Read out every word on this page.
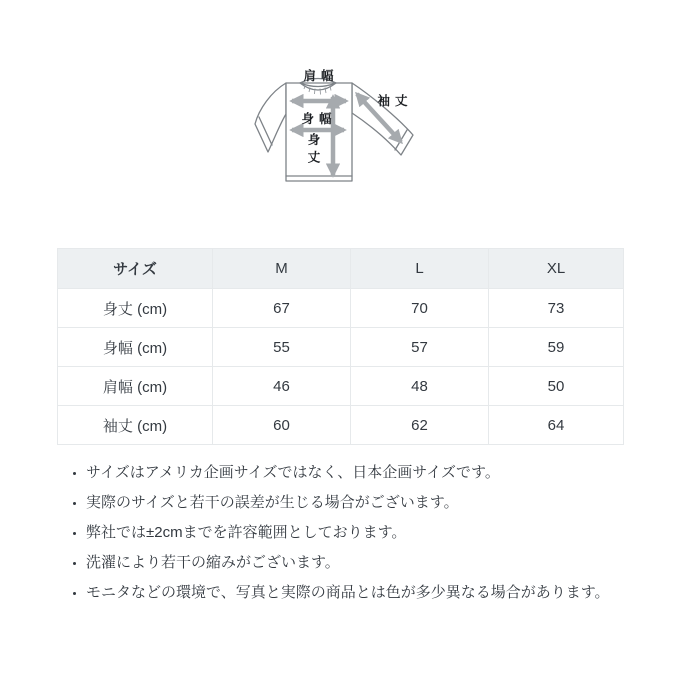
肩幅
袖丈
身幅
身丈
サイズ	M	L	XL
身丈 (cm)	67	70	73
身幅 (cm)	55	57	59
肩幅 (cm)	46	48	50
袖丈 (cm)	60	62	64
• サイズはアメリカ企画サイズではなく、日本企画サイズです。
• 実際のサイズと若干の誤差が生じる場合がございます。
• 弊社では±2cmまでを許容範囲としております。
• 洗濯により若干の縮みがございます。
• モニタなどの環境で、写真と実際の商品とは色が多少異なる場合があります。
